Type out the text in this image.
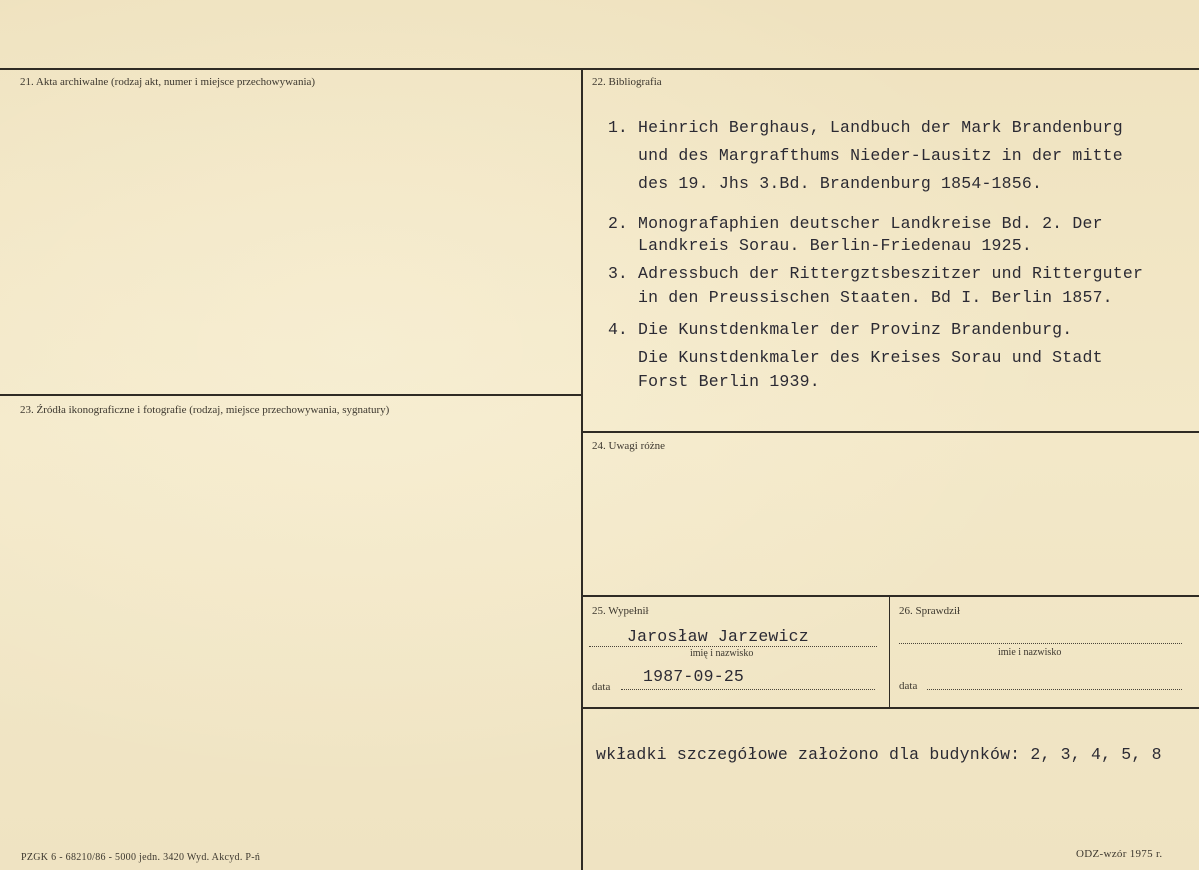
21. Akta archiwalne (rodzaj akt, numer i miejsce przechowywania)	22. Bibliografia
23. Źródła ikonograficzne i fotografie (rodzaj, miejsce przechowywania, sygnatury)
24. Uwagi różne
25. Wypełnił	26. Sprawdził
1. Heinrich Berghaus, Landbuch der Mark Brandenburg
und des Margrafthums Nieder-Lausitz in der mitte
des 19. Jhs 3.Bd. Brandenburg 1854-1856.
2. Monografaphien deutscher Landkreise Bd. 2. Der
Landkreis Sorau. Berlin-Friedenau 1925.
3. Adressbuch der Rittergztsbeszitzer und Ritterguter
in den Preussischen Staaten. Bd I. Berlin 1857.
4. Die Kunstdenkmaler der Provinz Brandenburg.
Die Kunstdenkmaler des Kreises Sorau und Stadt
Forst Berlin 1939.
Jarosław Jarzewicz
imię i nazwisko
data
1987-09-25
imie i nazwisko
data
wkładki szczegółowe założono dla budynków: 2, 3, 4, 5, 8
PZGK 6 - 68210/86 - 5000 jedn. 3420 Wyd. Akcyd. P-ń	ODZ-wzór 1975 r.
